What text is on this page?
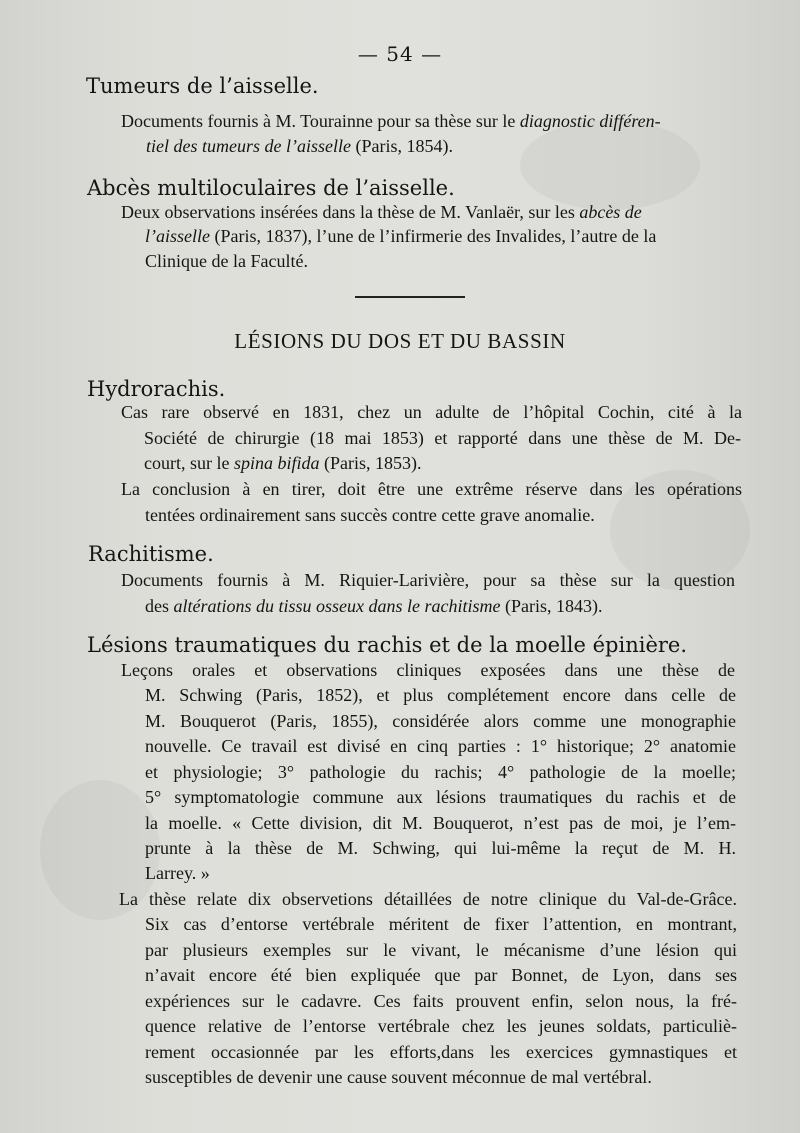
— 54 —
Tumeurs de l’aisselle.
Documents fournis à M. Tourainne pour sa thèse sur le diagnostic différen-
tiel des tumeurs de l’aisselle (Paris, 1854).
Abcès multiloculaires de l’aisselle.
Deux observations insérées dans la thèse de M. Vanlaër, sur les abcès de
l’aisselle (Paris, 1837), l’une de l’infirmerie des Invalides, l’autre de la
Clinique de la Faculté.
LÉSIONS DU DOS ET DU BASSIN
Hydrorachis.
Cas rare observé en 1831, chez un adulte de l’hôpital Cochin, cité à la
Société de chirurgie (18 mai 1853) et rapporté dans une thèse de M. De-
court, sur le spina bifida (Paris, 1853).
La conclusion à en tirer, doit être une extrême réserve dans les opérations
tentées ordinairement sans succès contre cette grave anomalie.
Rachitisme.
Documents fournis à M. Riquier-Larivière, pour sa thèse sur la question
des altérations du tissu osseux dans le rachitisme (Paris, 1843).
Lésions traumatiques du rachis et de la moelle épinière.
Leçons orales et observations cliniques exposées dans une thèse de
M. Schwing (Paris, 1852), et plus complétement encore dans celle de
M. Bouquerot (Paris, 1855), considérée alors comme une monographie
nouvelle. Ce travail est divisé en cinq parties : 1° historique; 2° anatomie
et physiologie; 3° pathologie du rachis; 4° pathologie de la moelle;
5° symptomatologie commune aux lésions traumatiques du rachis et de
la moelle. « Cette division, dit M. Bouquerot, n’est pas de moi, je l’em-
prunte à la thèse de M. Schwing, qui lui-même la reçut de M. H.
Larrey. »
La thèse relate dix observetions détaillées de notre clinique du Val-de-Grâce.
Six cas d’entorse vertébrale méritent de fixer l’attention, en montrant,
par plusieurs exemples sur le vivant, le mécanisme d’une lésion qui
n’avait encore été bien expliquée que par Bonnet, de Lyon, dans ses
expériences sur le cadavre. Ces faits prouvent enfin, selon nous, la fré-
quence relative de l’entorse vertébrale chez les jeunes soldats, particuliè-
rement occasionnée par les efforts,dans les exercices gymnastiques et
susceptibles de devenir une cause souvent méconnue de mal vertébral.
